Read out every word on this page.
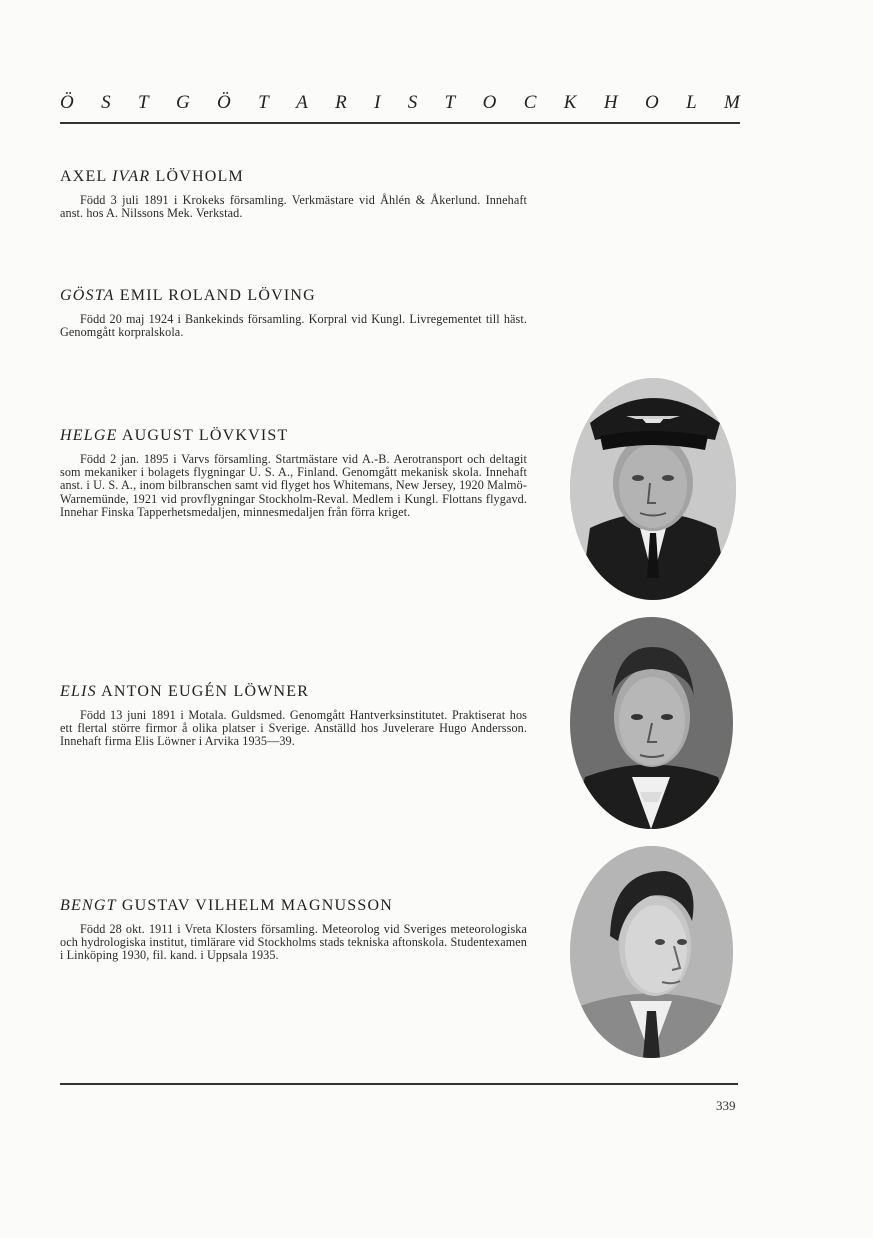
Ö S T G Ö T A R I S T O C K H O L M
AXEL IVAR LÖVHOLM

Född 3 juli 1891 i Krokeks församling. Verkmästare vid Åhlén & Åkerlund. Innehaft anst. hos A. Nilssons Mek. Verkstad.

GÖSTA EMIL ROLAND LÖVING

Född 20 maj 1924 i Bankekinds församling. Korpral vid Kungl. Livregementet till häst. Genomgått korpralskola.

HELGE AUGUST LÖVKVIST

Född 2 jan. 1895 i Varvs församling. Startmästare vid A.-B. Aerotransport och deltagit som mekaniker i bolagets flygningar U. S. A., Finland. Genomgått mekanisk skola. Innehaft anst. i U. S. A., inom bilbranschen samt vid flyget hos Whitemans, New Jersey, 1920 Malmö-Warnemünde, 1921 vid provflygningar Stockholm-Reval. Medlem i Kungl. Flottans flygavd. Innehar Finska Tapperhetsmedaljen, minnesmedaljen från förra kriget.

ELIS ANTON EUGÉN LÖWNER

Född 13 juni 1891 i Motala. Guldsmed. Genomgått Hantverksinstitutet. Praktiserat hos ett flertal större firmor å olika platser i Sverige. Anställd hos Juvelerare Hugo Andersson. Innehaft firma Elis Löwner i Arvika 1935—39.

BENGT GUSTAV VILHELM MAGNUSSON

Född 28 okt. 1911 i Vreta Klosters församling. Meteorolog vid Sveriges meteorologiska och hydrologiska institut, timlärare vid Stockholms stads tekniska aftonskola. Studentexamen i Linköping 1930, fil. kand. i Uppsala 1935.

339
